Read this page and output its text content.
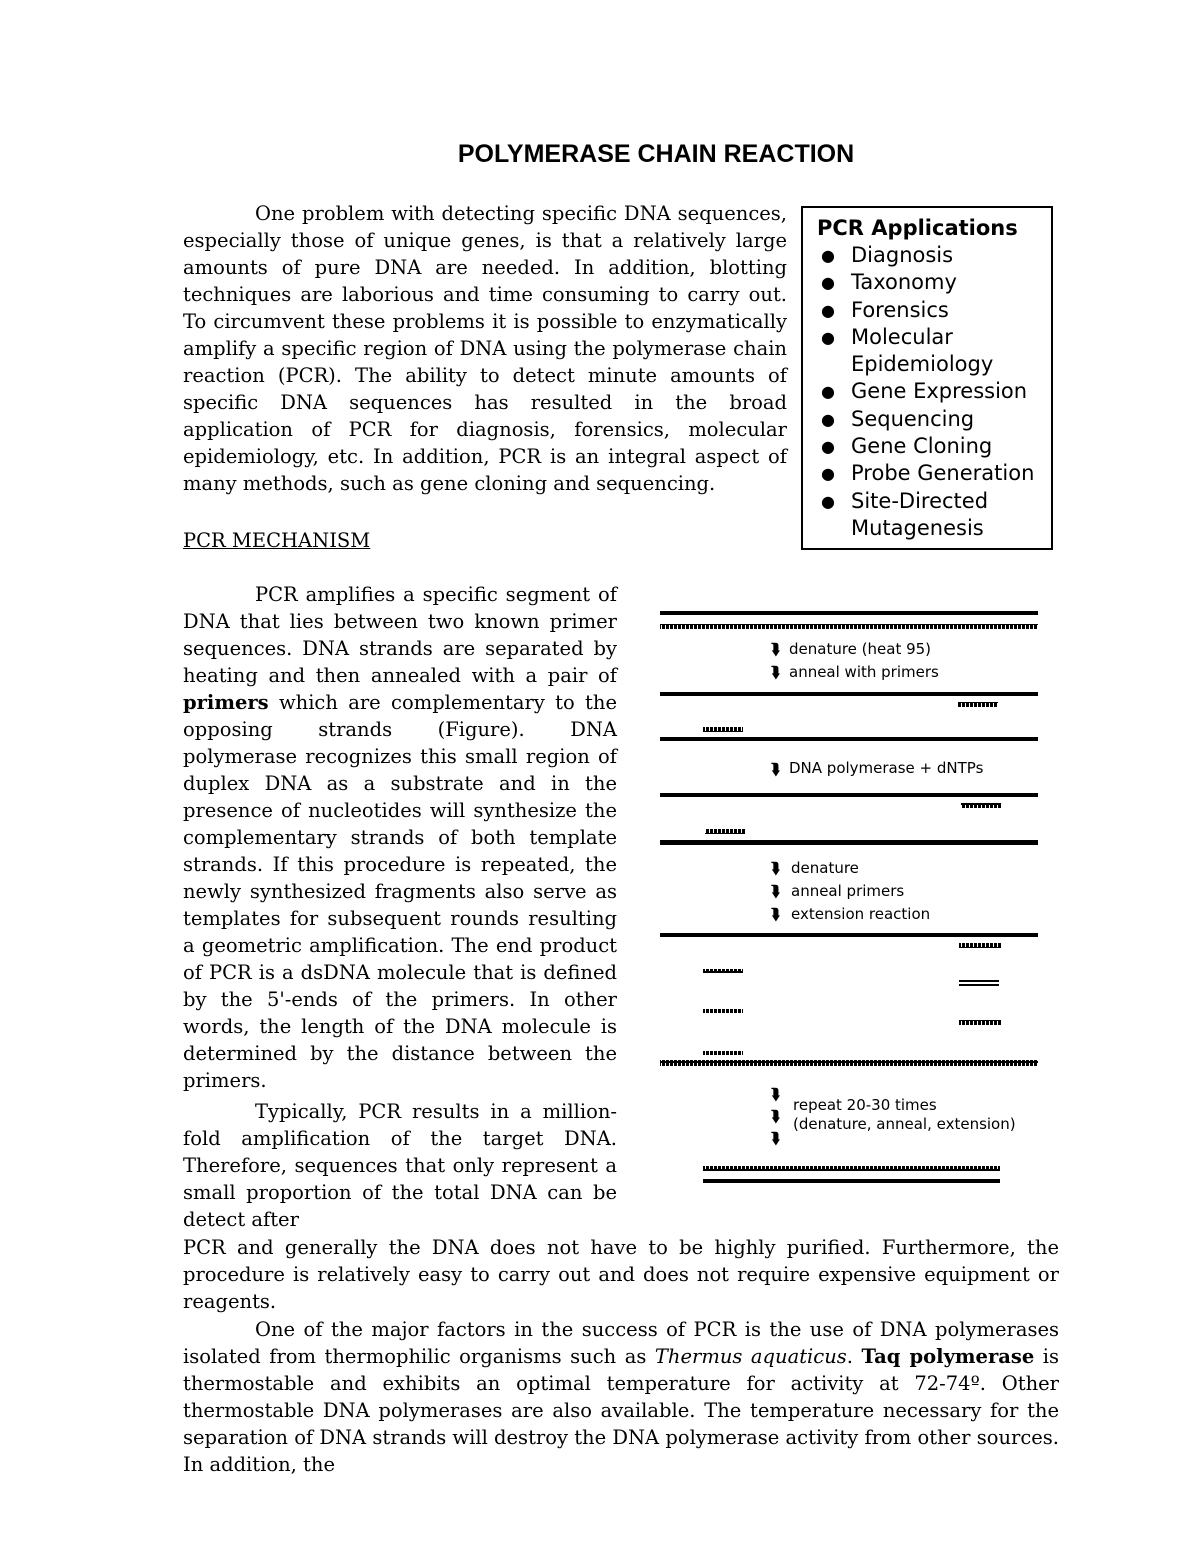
POLYMERASE CHAIN REACTION

One problem with detecting specific DNA sequences, especially those of unique genes, is that a relatively large amounts of pure DNA are needed. In addition, blotting techniques are laborious and time consuming to carry out. To circumvent these problems it is possible to enzymatically amplify a specific region of DNA using the polymerase chain reaction (PCR). The ability to detect minute amounts of specific DNA sequences has resulted in the broad application of PCR for diagnosis, forensics, molecular epidemiology, etc. In addition, PCR is an integral aspect of many methods, such as gene cloning and sequencing.

PCR Applications
● Diagnosis
● Taxonomy
● Forensics
● Molecular Epidemiology
● Gene Expression
● Sequencing
● Gene Cloning
● Probe Generation
● Site-Directed Mutagenesis
PCR MECHANISM

PCR amplifies a specific segment of DNA that lies between two known primer sequences. DNA strands are separated by heating and then annealed with a pair of primers which are complementary to the opposing strands (Figure). DNA polymerase recognizes this small region of duplex DNA as a substrate and in the presence of nucleotides will synthesize the complementary strands of both template strands. If this procedure is repeated, the newly synthesized fragments also serve as templates for subsequent rounds resulting a geometric amplification. The end product of PCR is a dsDNA molecule that is defined by the 5'-ends of the primers. In other words, the length of the DNA molecule is determined by the distance between the primers.

Typically, PCR results in a million-fold amplification of the target DNA. Therefore, sequences that only represent a small proportion of the total DNA can be detect after

PCR and generally the DNA does not have to be highly purified. Furthermore, the procedure is relatively easy to carry out and does not require expensive equipment or reagents.

One of the major factors in the success of PCR is the use of DNA polymerases isolated from thermophilic organisms such as Thermus aquaticus. Taq polymerase is thermostable and exhibits an optimal temperature for activity at 72-74º. Other thermostable DNA polymerases are also available. The temperature necessary for the separation of DNA strands will destroy the DNA polymerase activity from other sources. In addition, the

⮯ denature (heat 95)
⮯ anneal with primers
⮯ DNA polymerase + dNTPs
⮯ denature
⮯ anneal primers
⮯ extension reaction
⮯
⮯
⮯
repeat 20-30 times
(denature, anneal, extension)
